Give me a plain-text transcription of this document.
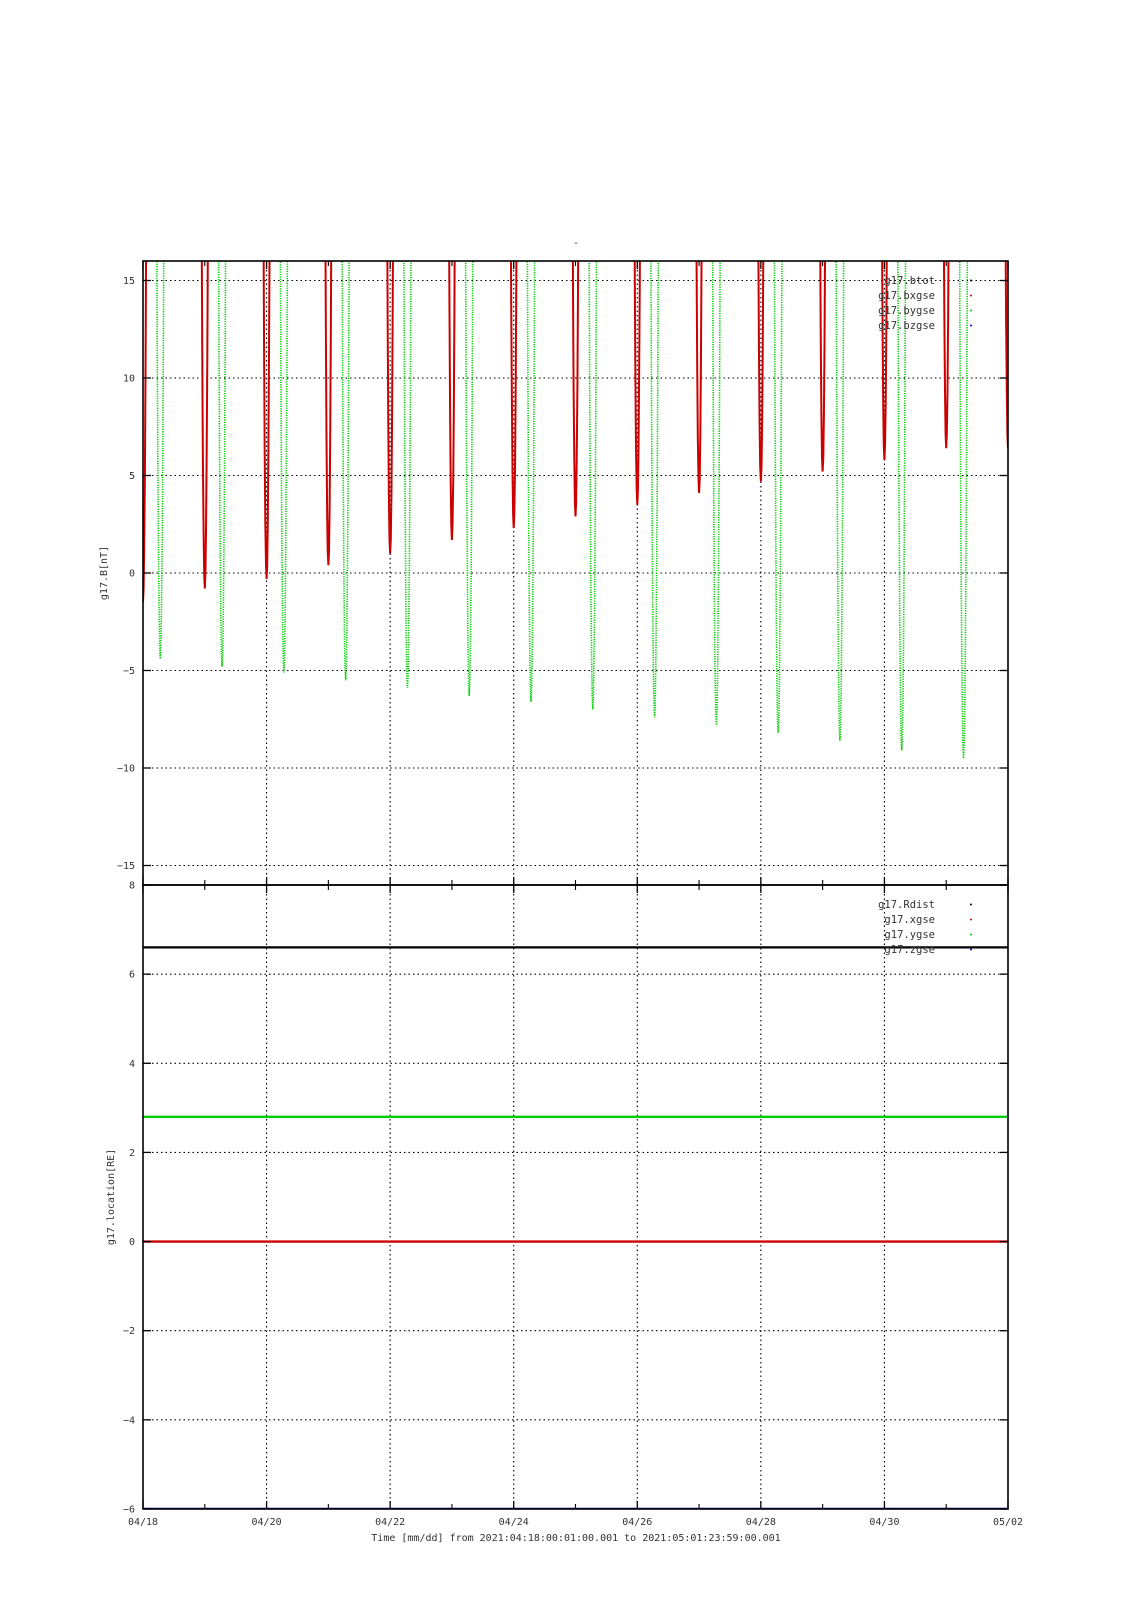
-
15
10
5
0
−5
−10
−15
g17.btot
g17.bxgse
g17.bygse
g17.bzgse
g17.B[nT]
8
6
4
2
0
−2
−4
−6
g17.Rdist
g17.xgse
g17.ygse
g17.zgse
g17.location[RE]
04/18	04/20	04/22	04/24	04/26	04/28	04/30	05/02
Time [mm/dd] from 2021:04:18:00:01:00.001 to 2021:05:01:23:59:00.001
